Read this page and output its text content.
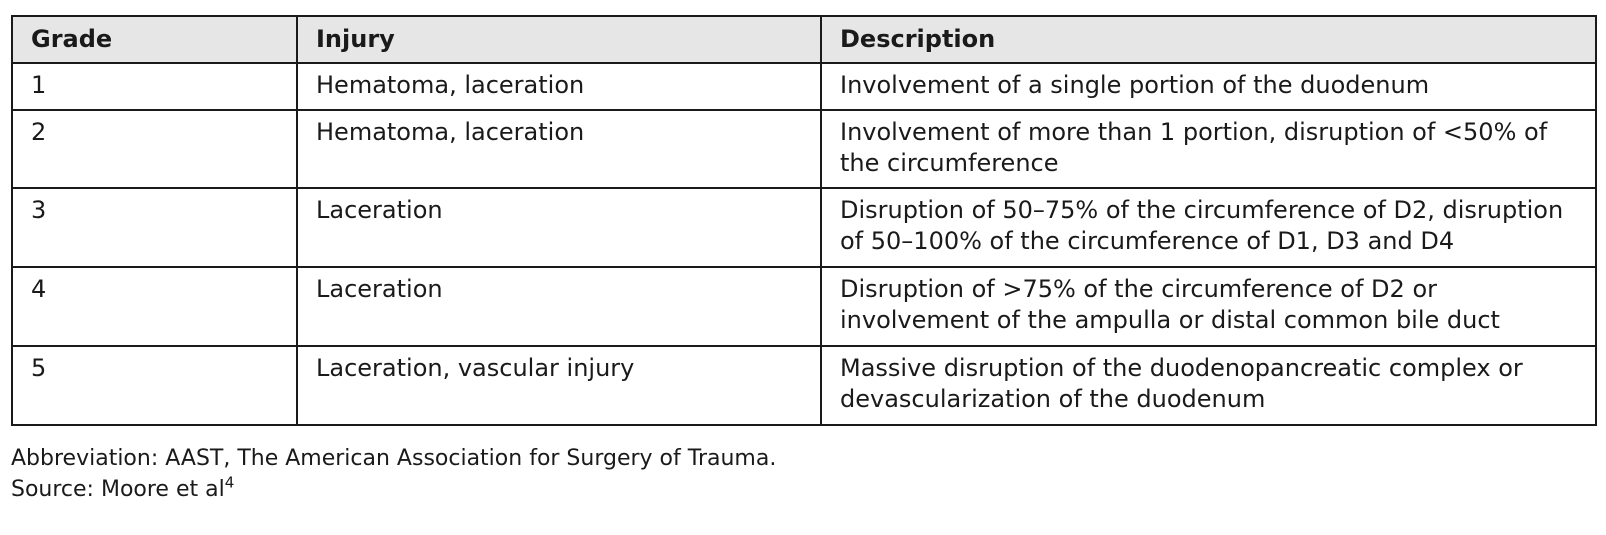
Grade	Injury	Description
1	Hematoma, laceration	Involvement of a single portion of the duodenum
2	Hematoma, laceration	Involvement of more than 1 portion, disruption of <50% of the circumference
3	Laceration	Disruption of 50–75% of the circumference of D2, disruption of 50–100% of the circumference of D1, D3 and D4
4	Laceration	Disruption of >75% of the circumference of D2 or involvement of the ampulla or distal common bile duct
5	Laceration, vascular injury	Massive disruption of the duodenopancreatic complex or devascularization of the duodenum
Abbreviation: AAST, The American Association for Surgery of Trauma.
Source: Moore et $al^4$
